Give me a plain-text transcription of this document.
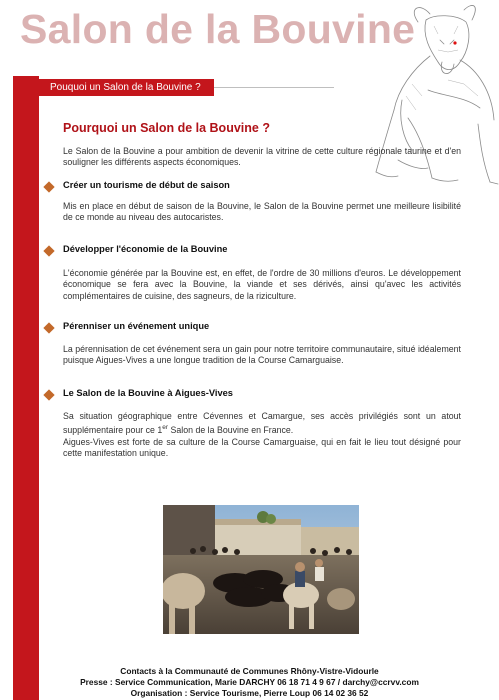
Salon de la Bouvine
Pouquoi un Salon de la Bouvine ?
Pourquoi un Salon de la Bouvine ?

Le Salon de la Bouvine a pour ambition de devenir la vitrine de cette culture régionale taurine et d'en souligner les différents aspects économiques.

Créer un tourisme de début de saison

Mis en place en début de saison de la Bouvine, le Salon de la Bouvine permet une meilleure lisibilité de ce monde au niveau des autocaristes.

Développer l'économie de la Bouvine

L'économie générée par la Bouvine est, en effet, de l'ordre de 30 millions d'euros. Le développement économique se fera avec la Bouvine, la viande et ses dérivés, ainsi qu'avec les activités complémentaires de cuisine, des sagneurs, de la riziculture.

Pérenniser un événement unique

La pérennisation de cet événement sera un gain pour notre territoire communautaire, situé idéalement puisque Aigues-Vives a une longue tradition de la Course Camarguaise.

Le Salon de la Bouvine à Aigues-Vives

Sa situation géographique entre Cévennes et Camargue, ses accès privilégiés sont un atout supplémentaire pour ce 1er Salon de la Bouvine en France.
Aigues-Vives est forte de sa culture de la Course Camarguaise, qui en fait le lieu tout désigné pour cette manifestation unique.

Contacts à la Communauté de Communes Rhôny-Vistre-Vidourle
Presse : Service Communication, Marie DARCHY 06 18 71 4 9 67 / darchy@ccrvv.com
Organisation : Service Tourisme, Pierre Loup 06 14 02 36 52
